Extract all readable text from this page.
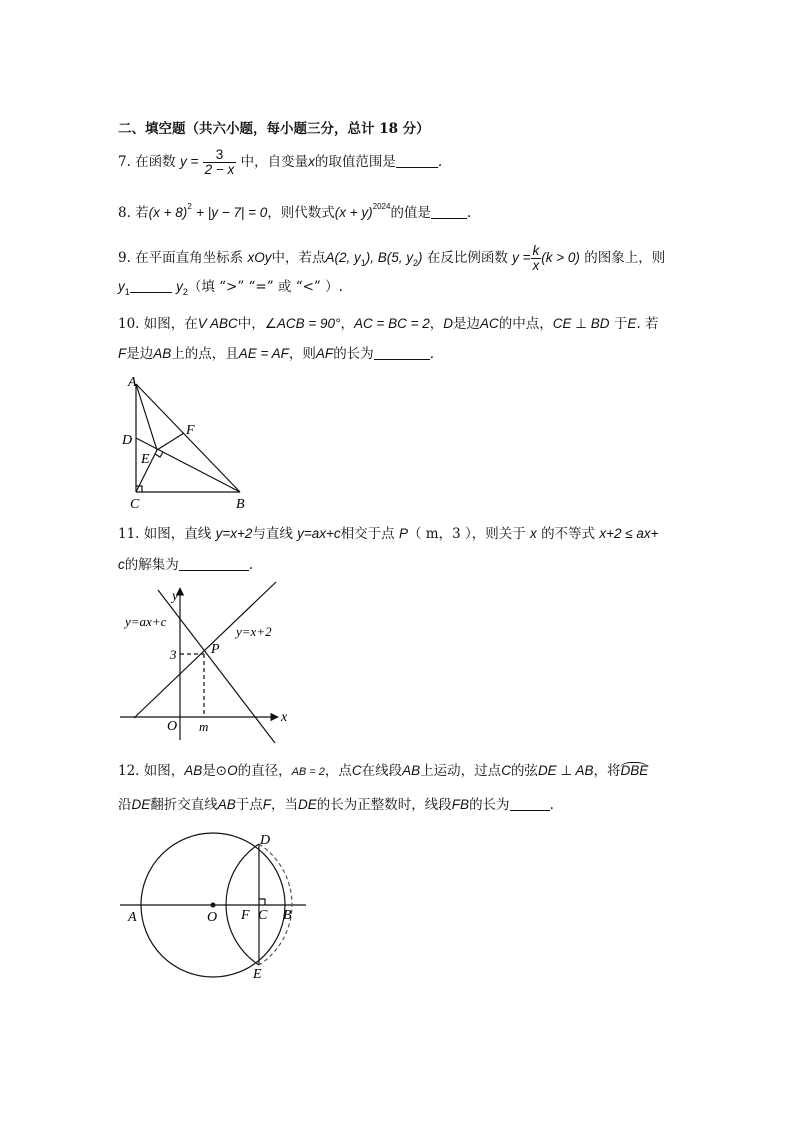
二、填空题（共六小题，每小题三分，总计 18 分）
7. 在函数 $y = \frac{3}{2 - x}$ 中，自变量x的取值范围是	.
8. 若$(x + 8)^2 + |y - 7| = 0$，则代数式$(x + y)^{2024}$的值是	.
9. 在平面直角坐标系 xOy中，若点A(2, $y_1$), B(5, $y_2$) 在反比例函数 $y = \frac{k}{x} (k > 0)$ 的图象上，则
$y_1$	$y_2$（填 “>” “=” 或 “<” ）.
10. 如图，在V ABC中，∠ACB = 90°，AC = BC = 2，D是边AC的中点，CE ⊥ BD 于E. 若
F是边AB上的点，且AE = AF，则AF的长为	.
A
D
E
F
C	B
11. 如图，直线 y=x+2与直线 y=ax+c相交于点 P（ m，3 ），则关于 x 的不等式 x+2 ≤ ax+
c的解集为	.
y
x
O m
3 P
y=ax+c
y=x+2
12. 如图，AB是⊙O的直径，AB = 2，点C在线段AB上运动，过点C的弦DE ⊥ AB，将DBE
沿DE翻折交直线AB于点F，当DE的长为正整数时，线段FB的长为	.
A	O F C B
D
E
